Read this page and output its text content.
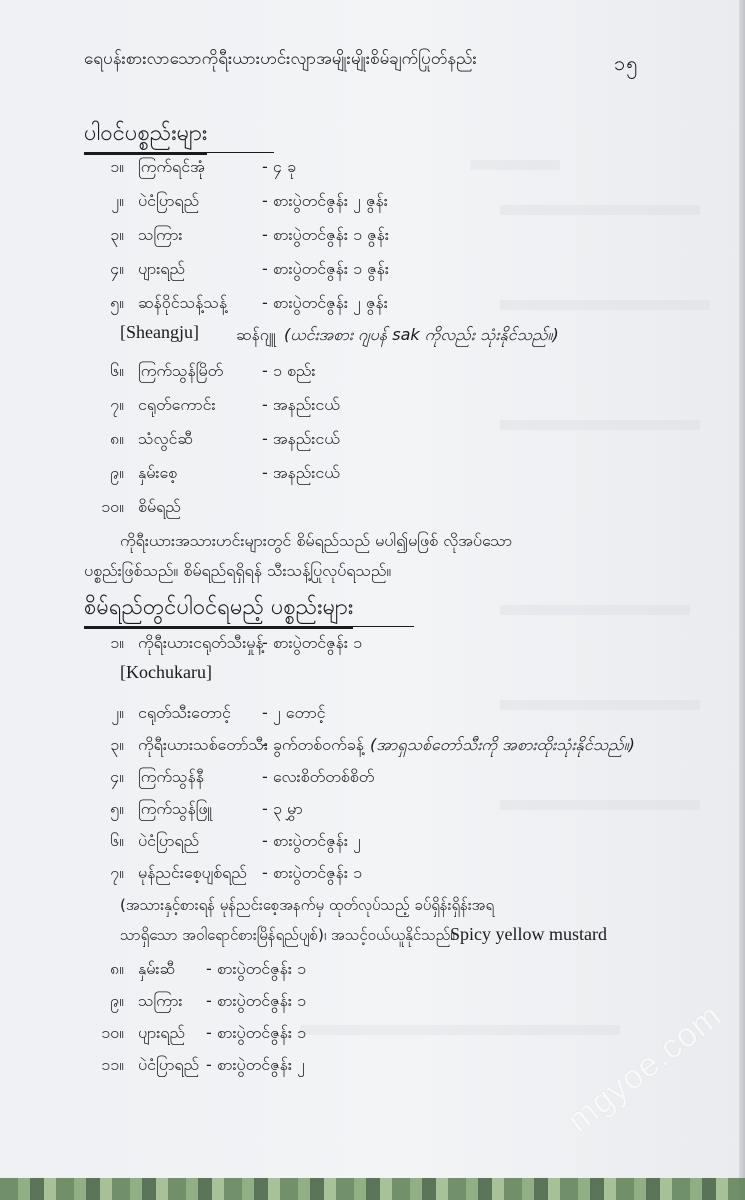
ရေပန်းစားလာသောကိုရီးယားဟင်းလျာအမျိုးမျိုးစိမ်ချက်ပြုတ်နည်း	၁၅
ပါဝင်ပစ္စည်းများ
၁။ ကြက်ရင်အုံ	- ၄ ခု
၂။ ပဲငံပြာရည်	- စားပွဲတင်ဇွန်း ၂ ဇွန်း
၃။ သကြား	- စားပွဲတင်ဇွန်း ၁ ဇွန်း
၄။ ပျားရည်	- စားပွဲတင်ဇွန်း ၁ ဇွန်း
၅။ ဆန်ဝိုင်သန့်သန့် - စားပွဲတင်ဇွန်း ၂ ဇွန်း
[Sheangju] ဆန်ဂျူ (ယင်းအစား ဂျပန် sak ကိုလည်း သုံးနိုင်သည်။)
၆။ ကြက်သွန်မြိတ် - ၁ စည်း
၇။ ငရုတ်ကောင်း	- အနည်းငယ်
၈။ သံလွင်ဆီ	- အနည်းငယ်
၉။ နှမ်းစေ့	- အနည်းငယ်
၁၀။ စိမ်ရည်
ကိုရီးယားအသားဟင်းများတွင် စိမ်ရည်သည် မပါ၍မဖြစ် လိုအပ်သော
ပစ္စည်းဖြစ်သည်။ စိမ်ရည်ရရှိရန် သီးသန့်ပြုလုပ်ရသည်။
စိမ်ရည်တွင်ပါဝင်ရမည့် ပစ္စည်းများ
၁။ ကိုရီးယားငရုတ်သီးမှုန့်
- စားပွဲတင်ဇွန်း ၁
[Kochukaru]
၂။ ငရုတ်သီးတောင့် - ၂ တောင့်
၃။ ကိုရီးယားသစ်တော်သီး
- ခွက်တစ်ဝက်ခန့် (အာရှသစ်တော်သီးကို အစားထိုးသုံးနိုင်သည်။)
၄။ ကြက်သွန်နီ	- လေးစိတ်တစ်စိတ်
၅။ ကြက်သွန်ဖြူ	- ၃ မွှာ
၆။ ပဲငံပြာရည်	- စားပွဲတင်ဇွန်း ၂
၇။ မုန်ညင်းစေ့ပျစ်ရည် - စားပွဲတင်ဇွန်း ၁
(အသားနှင့်စားရန် မုန်ညင်းစေ့အနက်မှ ထုတ်လုပ်သည့် ခပ်ရှိန်းရှိန်းအရ
သာရှိသော အဝါရောင်စားမြိန်ရည်ပျစ်)၊ အသင့်ဝယ်ယူနိုင်သည်။
Spicy yellow mustard
၈။ နှမ်းဆီ - စားပွဲတင်ဇွန်း ၁
၉။ သကြား - စားပွဲတင်ဇွန်း ၁
၁၀။ ပျားရည် - စားပွဲတင်ဇွန်း ၁
၁၁။ ပဲငံပြာရည် - စားပွဲတင်ဇွန်း ၂	mgyoe.com
